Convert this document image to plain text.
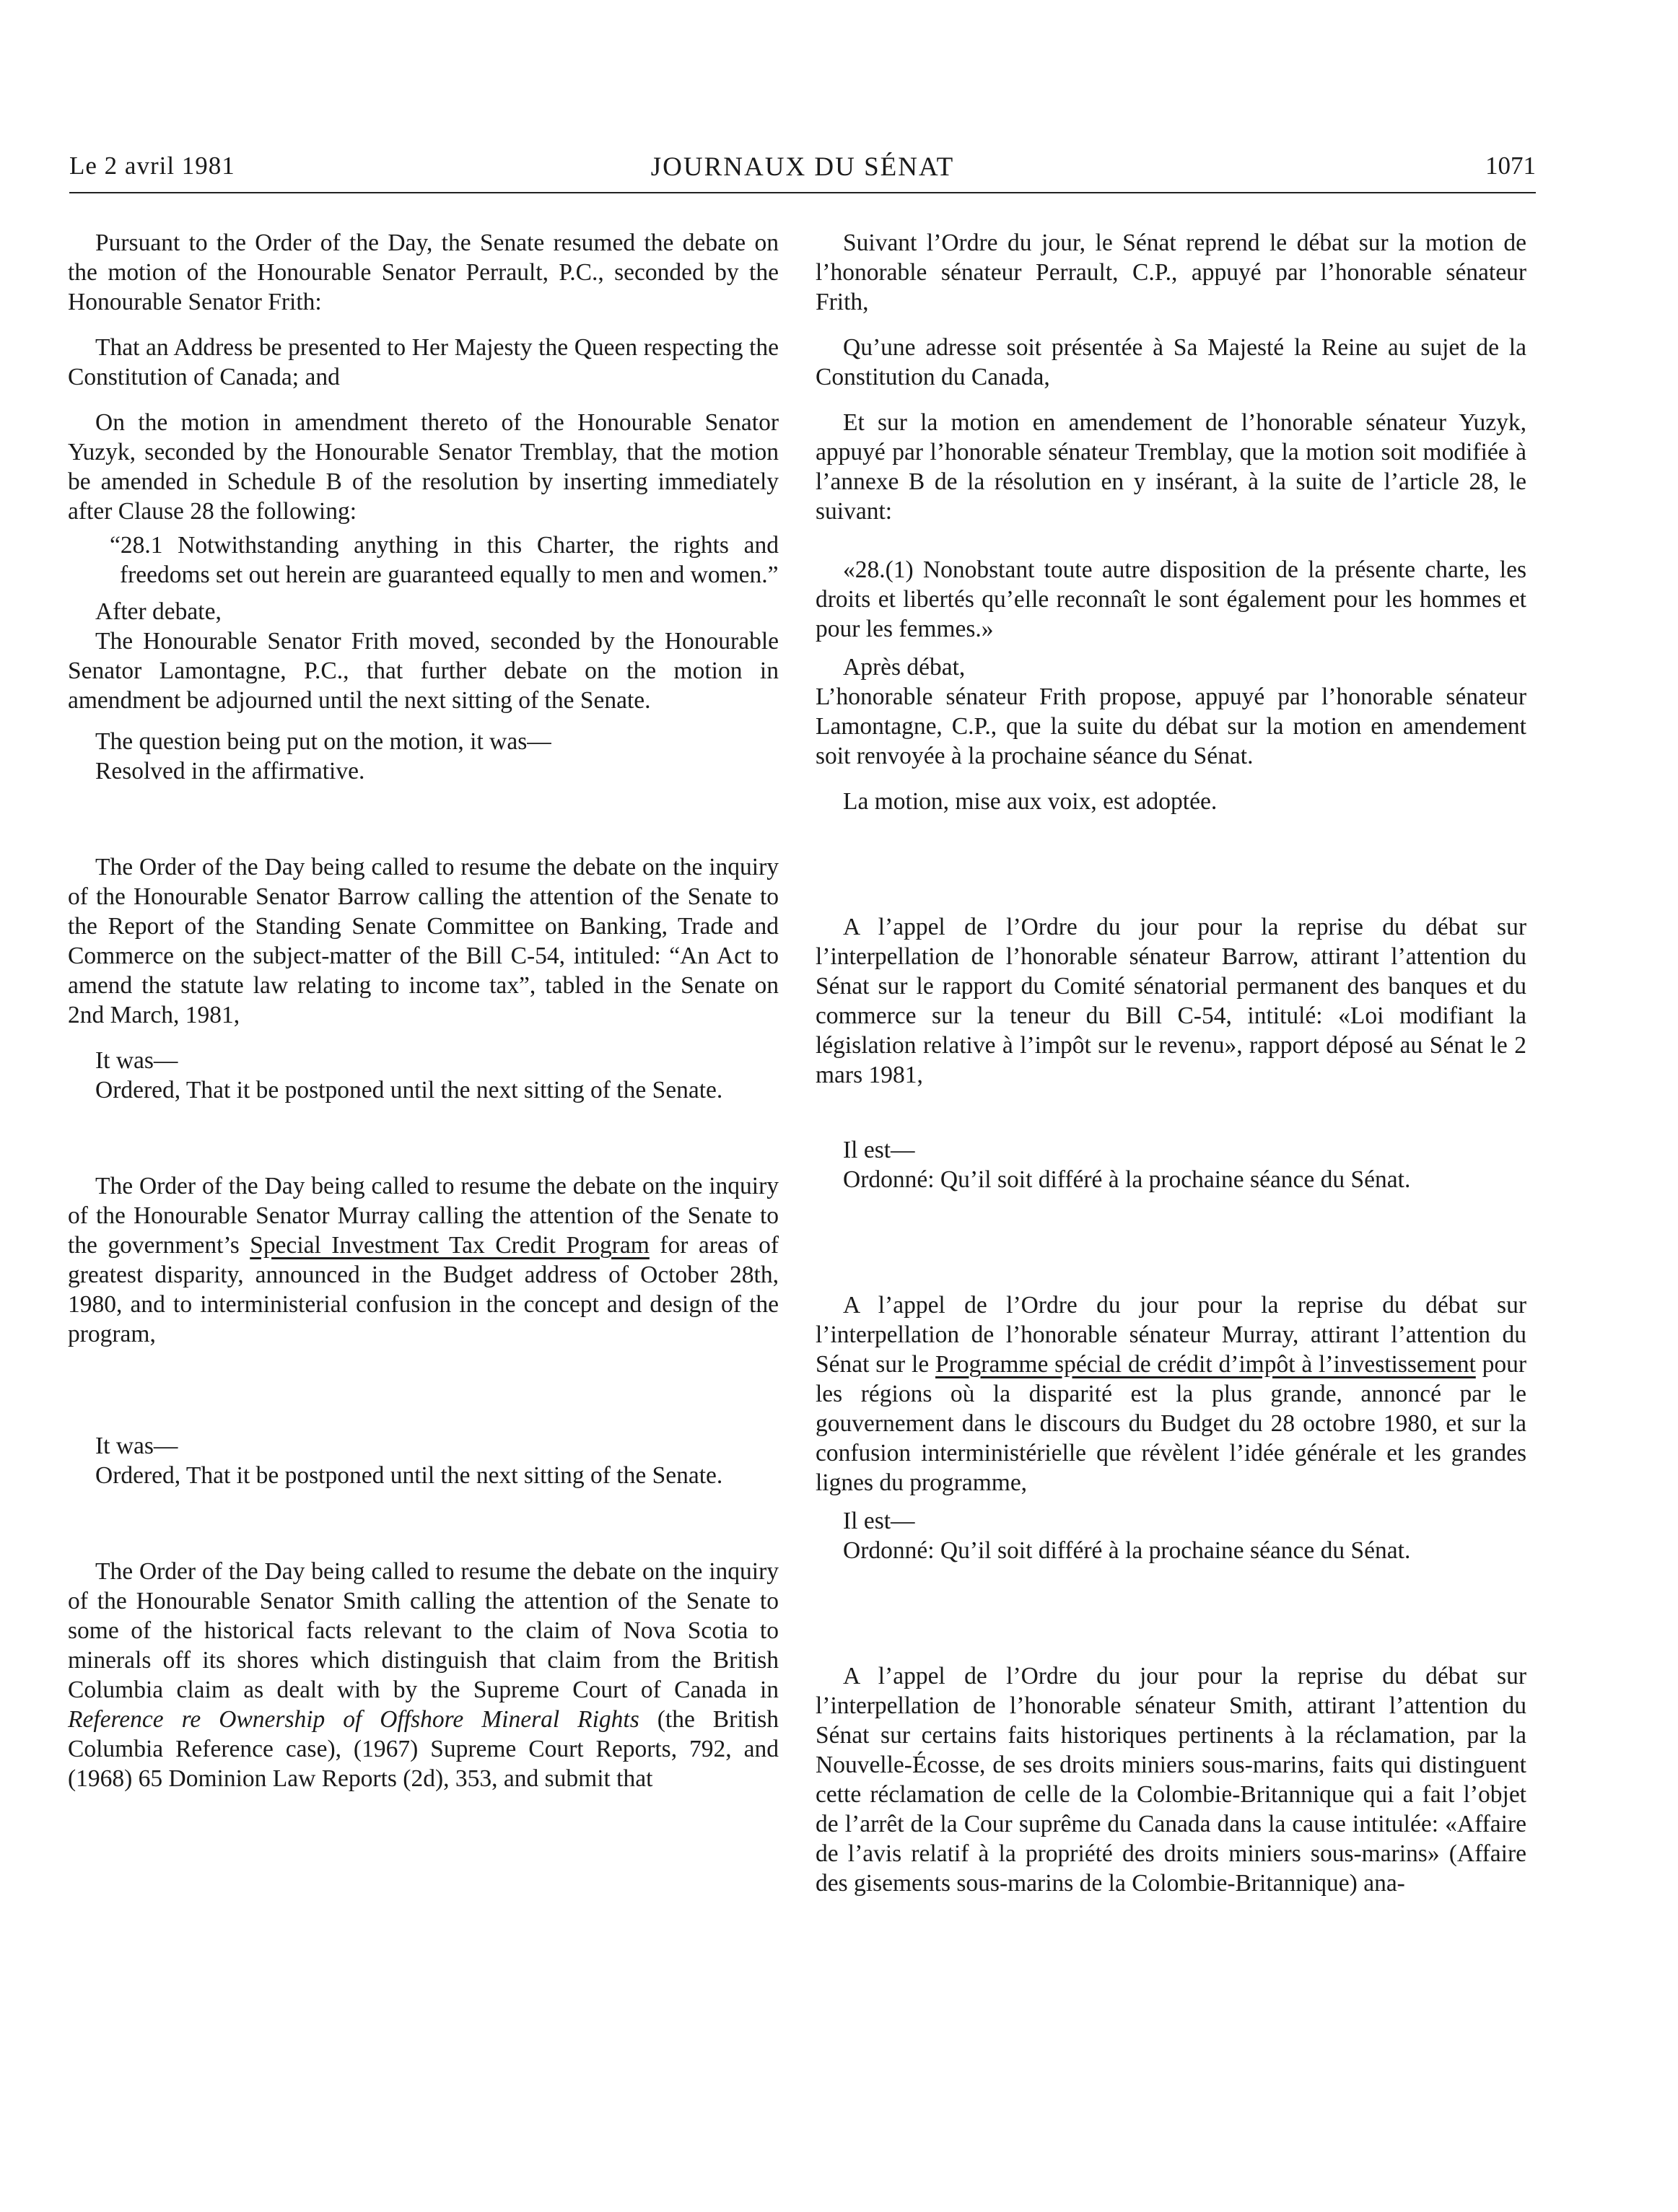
Le 2 avril 1981	JOURNAUX DU SÉNAT	1071

Pursuant to the Order of the Day, the Senate resumed the debate on the motion of the Honourable Senator Perrault, P.C., seconded by the Honourable Senator Frith:

That an Address be presented to Her Majesty the Queen respecting the Constitution of Canada; and

On the motion in amendment thereto of the Honourable Senator Yuzyk, seconded by the Honourable Senator Tremblay, that the motion be amended in Schedule B of the resolution by inserting immediately after Clause 28 the following:

“28.1 Notwithstanding anything in this Charter, the rights and freedoms set out herein are guaranteed equally to men and women.”

After debate,

The Honourable Senator Frith moved, seconded by the Honourable Senator Lamontagne, P.C., that further debate on the motion in amendment be adjourned until the next sitting of the Senate.

The question being put on the motion, it was—

Resolved in the affirmative.

The Order of the Day being called to resume the debate on the inquiry of the Honourable Senator Barrow calling the attention of the Senate to the Report of the Standing Senate Committee on Banking, Trade and Commerce on the subject-matter of the Bill C-54, intituled: “An Act to amend the statute law relating to income tax”, tabled in the Senate on 2nd March, 1981,

It was—

Ordered, That it be postponed until the next sitting of the Senate.

The Order of the Day being called to resume the debate on the inquiry of the Honourable Senator Murray calling the attention of the Senate to the government’s Special Investment Tax Credit Program for areas of greatest disparity, announced in the Budget address of October 28th, 1980, and to interministerial confusion in the concept and design of the program,

It was—

Ordered, That it be postponed until the next sitting of the Senate.

The Order of the Day being called to resume the debate on the inquiry of the Honourable Senator Smith calling the attention of the Senate to some of the historical facts relevant to the claim of Nova Scotia to minerals off its shores which distinguish that claim from the British Columbia claim as dealt with by the Supreme Court of Canada in Reference re Ownership of Offshore Mineral Rights (the British Columbia Reference case), (1967) Supreme Court Reports, 792, and (1968) 65 Dominion Law Reports (2d), 353, and submit that

Suivant l’Ordre du jour, le Sénat reprend le débat sur la motion de l’honorable sénateur Perrault, C.P., appuyé par l’honorable sénateur Frith,

Qu’une adresse soit présentée à Sa Majesté la Reine au sujet de la Constitution du Canada,

Et sur la motion en amendement de l’honorable sénateur Yuzyk, appuyé par l’honorable sénateur Tremblay, que la motion soit modifiée à l’annexe B de la résolution en y insérant, à la suite de l’article 28, le suivant:

«28.(1) Nonobstant toute autre disposition de la présente charte, les droits et libertés qu’elle reconnaît le sont également pour les hommes et pour les femmes.»

Après débat,

L’honorable sénateur Frith propose, appuyé par l’honorable sénateur Lamontagne, C.P., que la suite du débat sur la motion en amendement soit renvoyée à la prochaine séance du Sénat.

La motion, mise aux voix, est adoptée.

A l’appel de l’Ordre du jour pour la reprise du débat sur l’interpellation de l’honorable sénateur Barrow, attirant l’attention du Sénat sur le rapport du Comité sénatorial permanent des banques et du commerce sur la teneur du Bill C-54, intitulé: «Loi modifiant la législation relative à l’impôt sur le revenu», rapport déposé au Sénat le 2 mars 1981,

Il est—

Ordonné: Qu’il soit différé à la prochaine séance du Sénat.

A l’appel de l’Ordre du jour pour la reprise du débat sur l’interpellation de l’honorable sénateur Murray, attirant l’attention du Sénat sur le Programme spécial de crédit d’impôt à l’investissement pour les régions où la disparité est la plus grande, annoncé par le gouvernement dans le discours du Budget du 28 octobre 1980, et sur la confusion interministérielle que révèlent l’idée générale et les grandes lignes du programme,

Il est—

Ordonné: Qu’il soit différé à la prochaine séance du Sénat.

A l’appel de l’Ordre du jour pour la reprise du débat sur l’interpellation de l’honorable sénateur Smith, attirant l’attention du Sénat sur certains faits historiques pertinents à la réclamation, par la Nouvelle-Écosse, de ses droits miniers sous-marins, faits qui distinguent cette réclamation de celle de la Colombie-Britannique qui a fait l’objet de l’arrêt de la Cour suprême du Canada dans la cause intitulée: «Affaire de l’avis relatif à la propriété des droits miniers sous-marins» (Affaire des gisements sous-marins de la Colombie-Britannique) ana-
